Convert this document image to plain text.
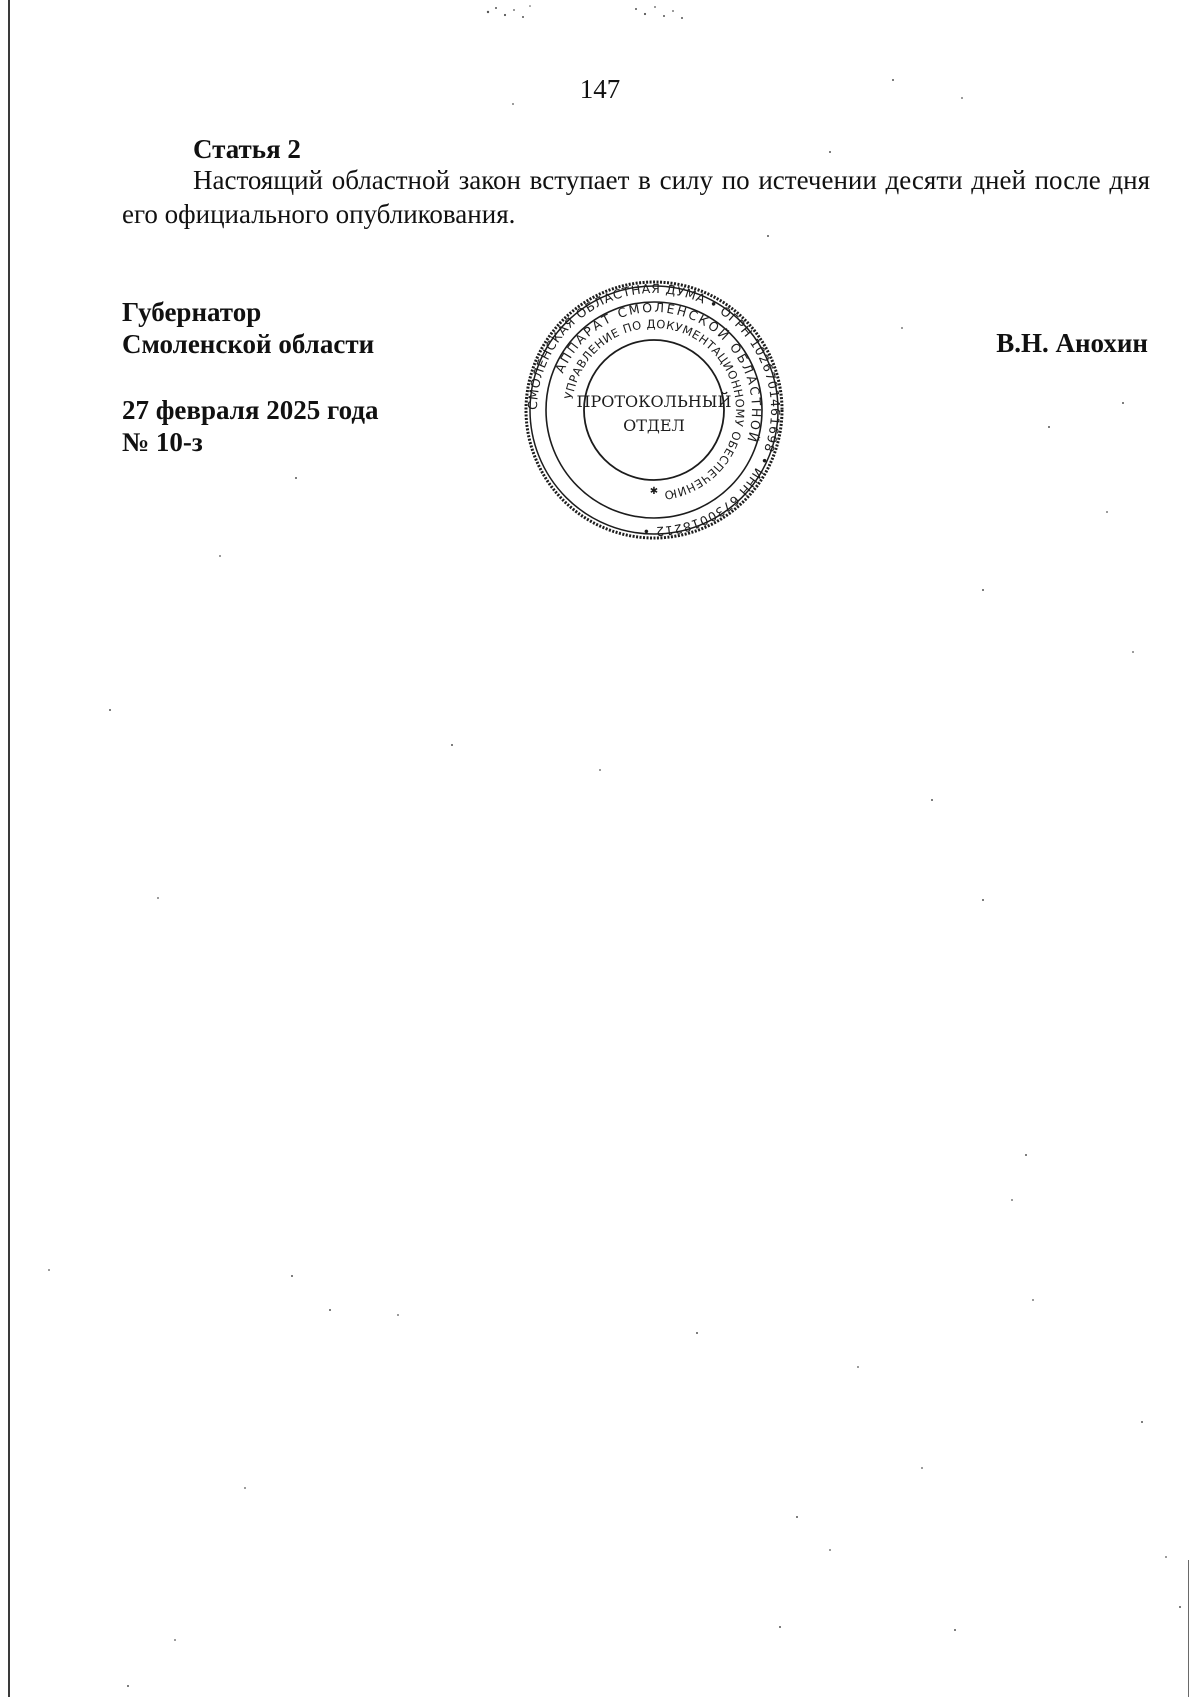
147
Статья 2
Настоящий областной закон вступает в силу по истечении десяти дней после дня его официального опубликования.
Губернатор
Смоленской области	В.Н. Анохин
27 февраля 2025 года
№ 10-з
СМОЛЕНСКАЯ ОБЛАСТНАЯ ДУМА • ОГРН 1026701461698 • ИНН 6730018212 •
АППАРАТ СМОЛЕНСКОЙ ОБЛАСТНОЙ
УПРАВЛЕНИЕ ПО ДОКУМЕНТАЦИОННОМУ ОБЕСПЕЧЕНИЮ
ПРОТОКОЛЬНЫЙ
ОТДЕЛ
✱
